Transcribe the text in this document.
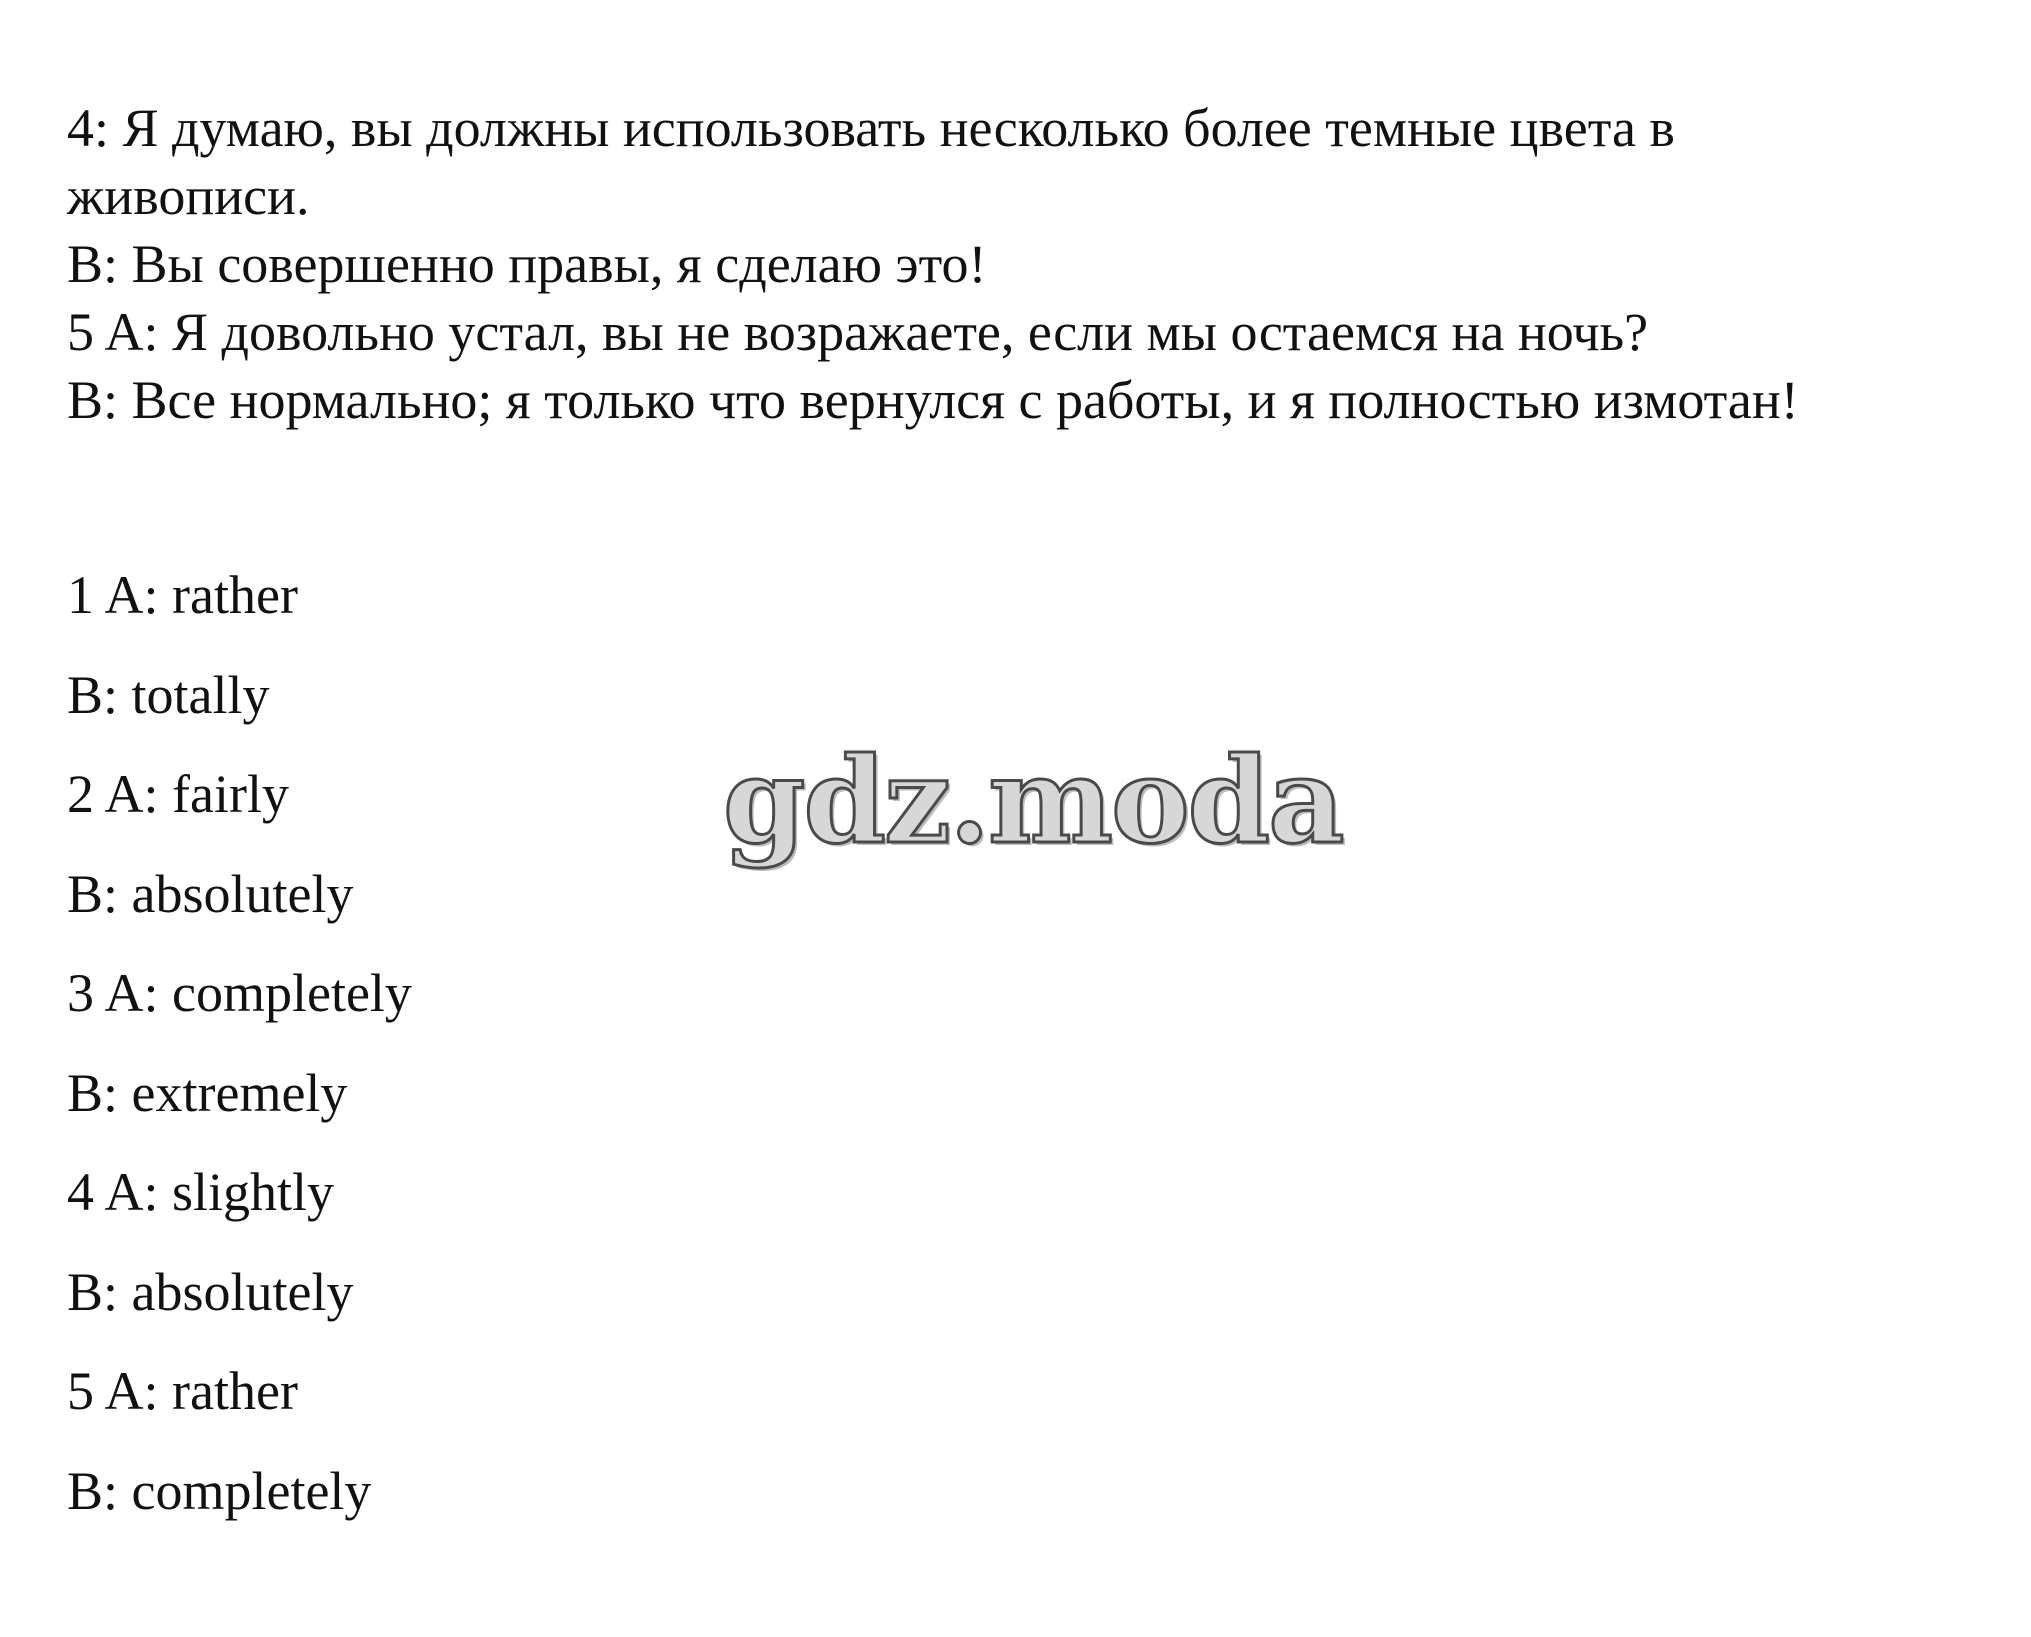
4: Я думаю, вы должны использовать несколько более темные цвета в
живописи.
B: Вы совершенно правы, я сделаю это!
5 A: Я довольно устал, вы не возражаете, если мы остаемся на ночь?
B: Все нормально; я только что вернулся с работы, и я полностью измотан!
1 A: rather
B: totally
2 A: fairly
B: absolutely
3 A: completely
B: extremely
4 A: slightly
B: absolutely
5 A: rather
B: completely
gdz.moda
